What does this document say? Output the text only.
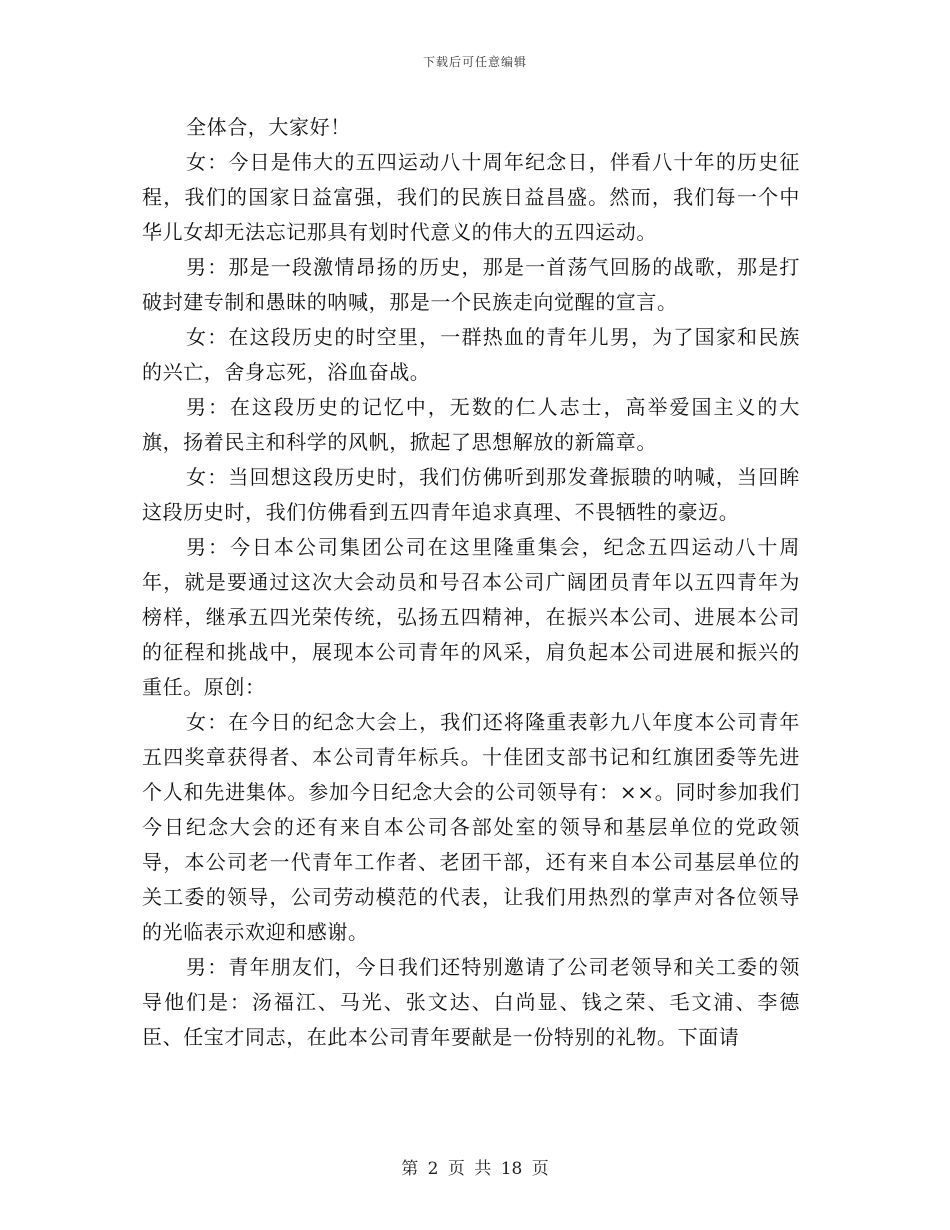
下载后可任意编辑

全体合，大家好！

女：今日是伟大的五四运动八十周年纪念日，伴看八十年的历史征程，我们的国家日益富强，我们的民族日益昌盛。然而，我们每一个中华儿女却无法忘记那具有划时代意义的伟大的五四运动。

男：那是一段激情昂扬的历史，那是一首荡气回肠的战歌，那是打破封建专制和愚昧的呐喊，那是一个民族走向觉醒的宣言。

女：在这段历史的时空里，一群热血的青年儿男，为了国家和民族的兴亡，舍身忘死，浴血奋战。

男：在这段历史的记忆中，无数的仁人志士，高举爱国主义的大旗，扬着民主和科学的风帆，掀起了思想解放的新篇章。

女：当回想这段历史时，我们仿佛听到那发聋振聩的呐喊，当回眸这段历史时，我们仿佛看到五四青年追求真理、不畏牺牲的豪迈。

男：今日本公司集团公司在这里隆重集会，纪念五四运动八十周年，就是要通过这次大会动员和号召本公司广阔团员青年以五四青年为榜样，继承五四光荣传统，弘扬五四精神，在振兴本公司、进展本公司的征程和挑战中，展现本公司青年的风采，肩负起本公司进展和振兴的重任。原创：

女：在今日的纪念大会上，我们还将隆重表彰九八年度本公司青年五四奖章获得者、本公司青年标兵。十佳团支部书记和红旗团委等先进个人和先进集体。参加今日纪念大会的公司领导有：××。同时参加我们今日纪念大会的还有来自本公司各部处室的领导和基层单位的党政领导，本公司老一代青年工作者、老团干部，还有来自本公司基层单位的关工委的领导，公司劳动模范的代表，让我们用热烈的掌声对各位领导的光临表示欢迎和感谢。

男：青年朋友们，今日我们还特别邀请了公司老领导和关工委的领导他们是：汤福江、马光、张文达、白尚显、钱之荣、毛文浦、李德臣、任宝才同志，在此本公司青年要献是一份特别的礼物。下面请

第 2 页 共 18 页
